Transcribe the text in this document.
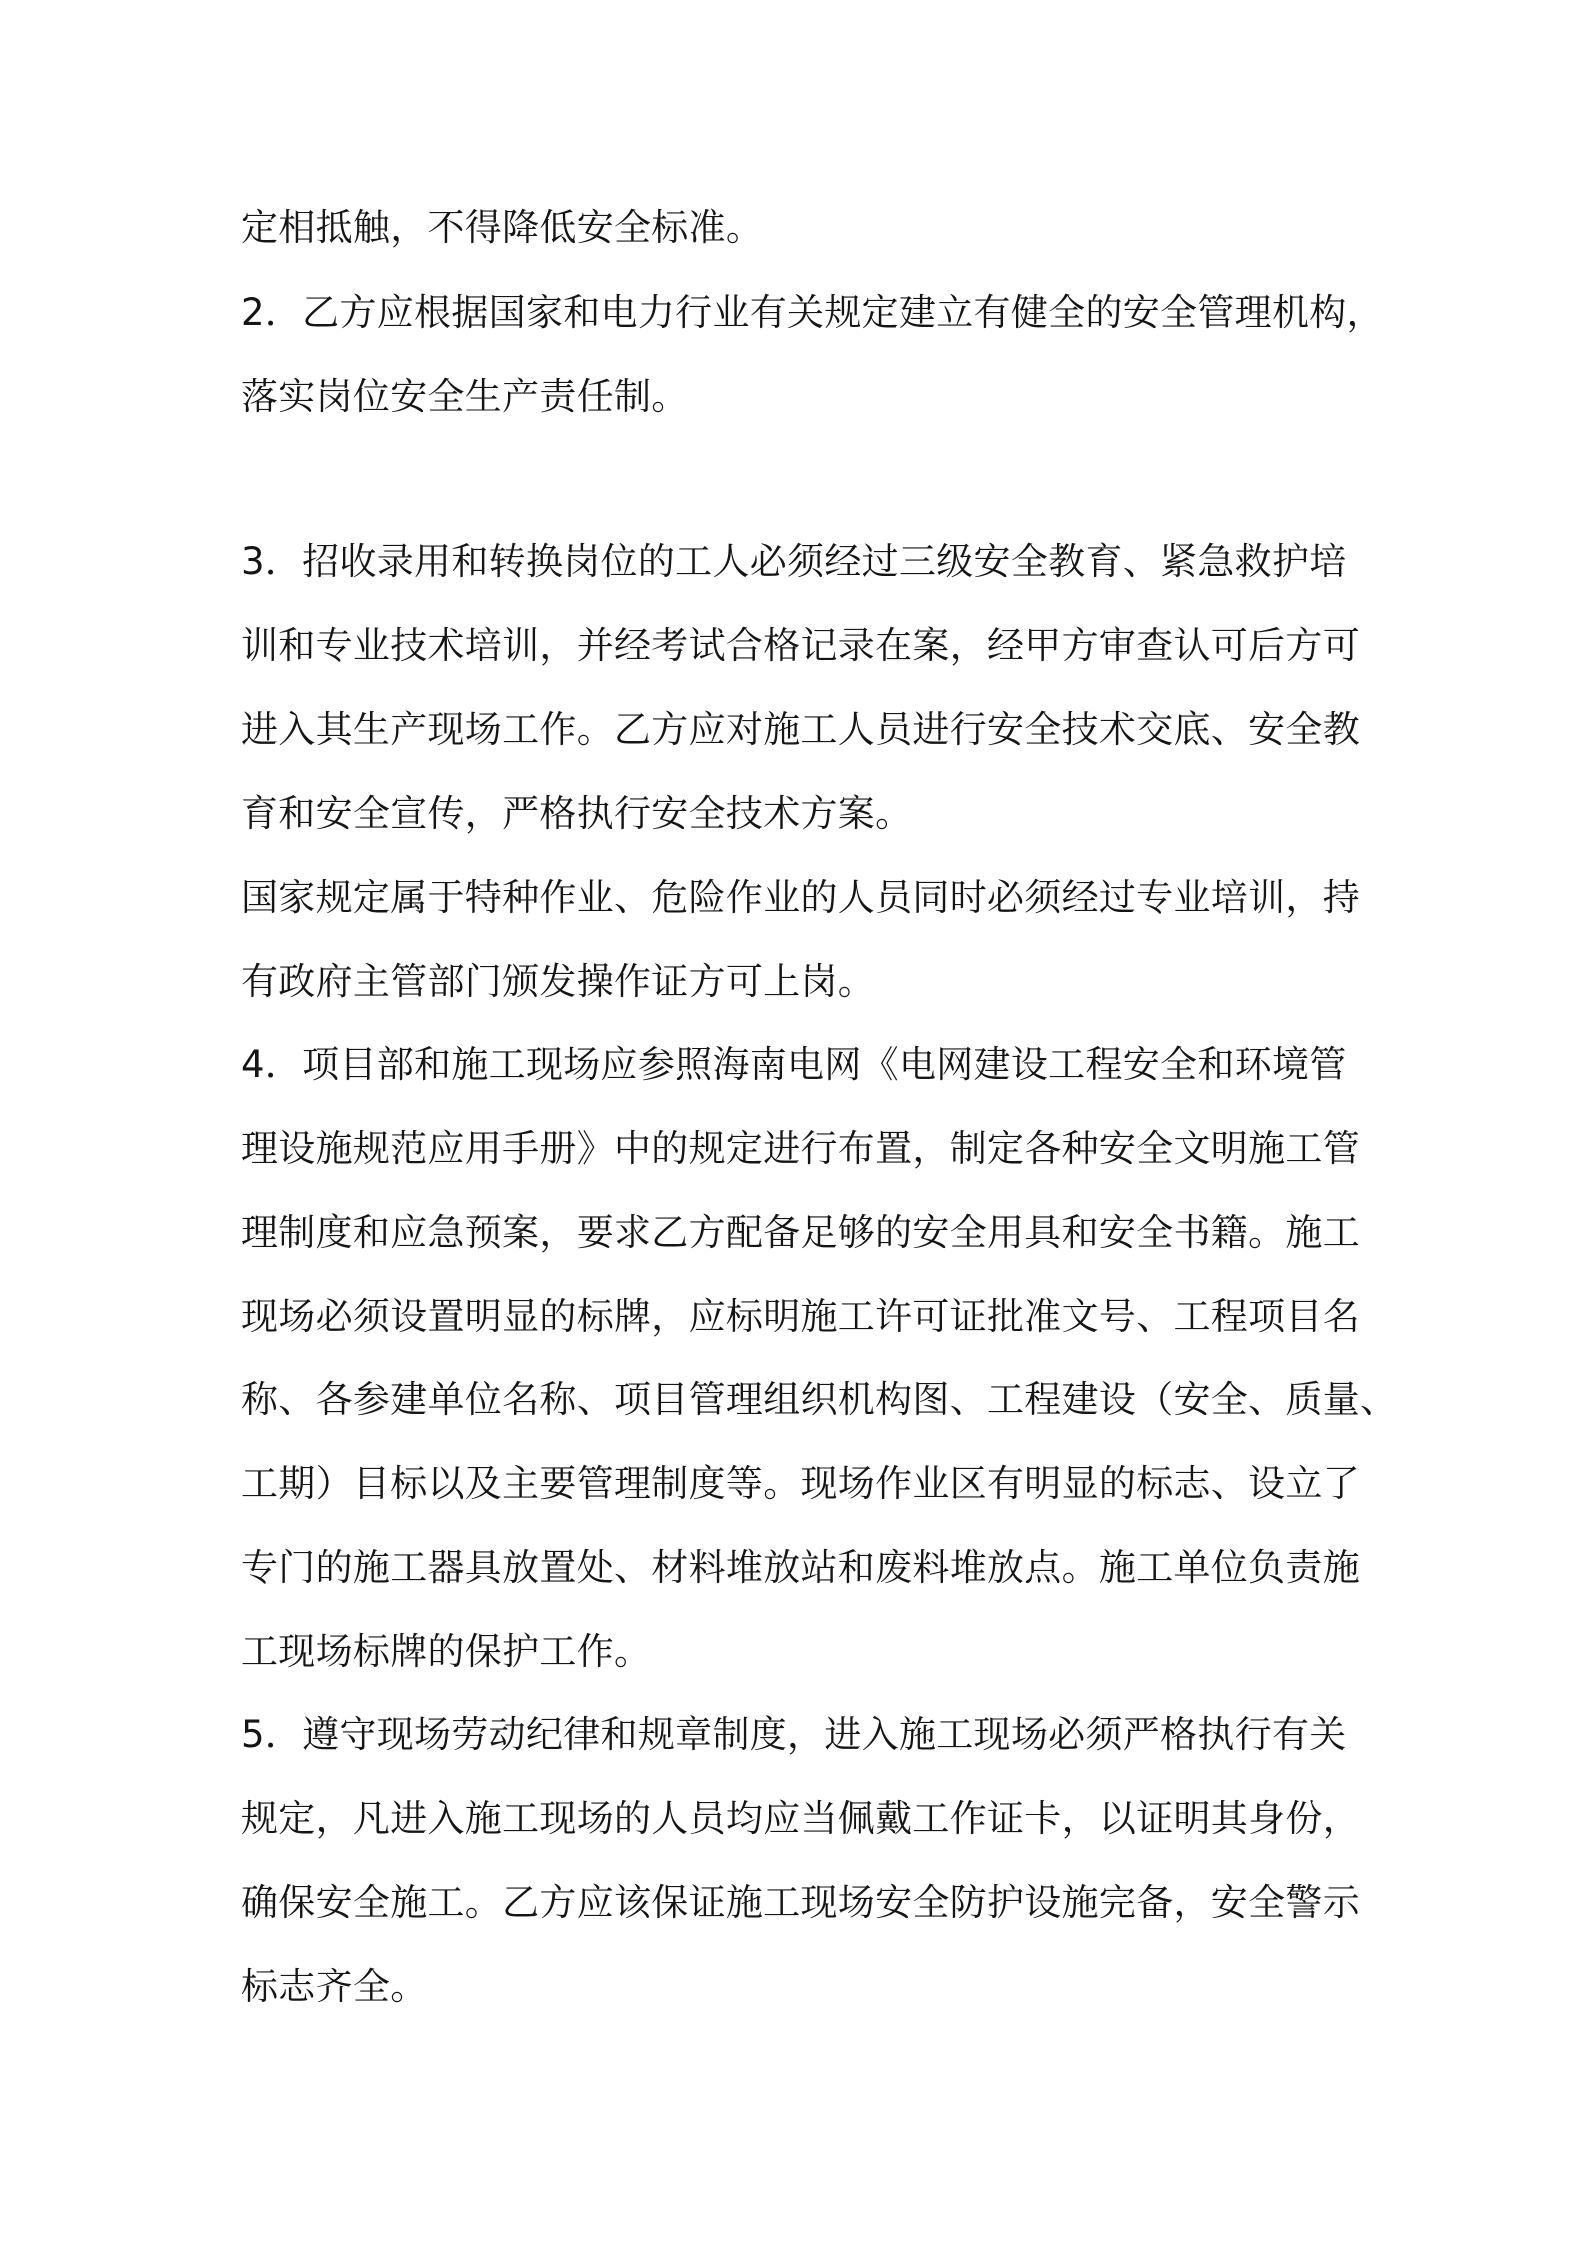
定相抵触，不得降低安全标准。

2．乙方应根据国家和电力行业有关规定建立有健全的安全管理机构，

落实岗位安全生产责任制。

3．招收录用和转换岗位的工人必须经过三级安全教育、紧急救护培

训和专业技术培训，并经考试合格记录在案，经甲方审查认可后方可

进入其生产现场工作。乙方应对施工人员进行安全技术交底、安全教

育和安全宣传，严格执行安全技术方案。

国家规定属于特种作业、危险作业的人员同时必须经过专业培训，持

有政府主管部门颁发操作证方可上岗。

4．项目部和施工现场应参照海南电网《电网建设工程安全和环境管

理设施规范应用手册》中的规定进行布置，制定各种安全文明施工管

理制度和应急预案，要求乙方配备足够的安全用具和安全书籍。施工

现场必须设置明显的标牌，应标明施工许可证批准文号、工程项目名

称、各参建单位名称、项目管理组织机构图、工程建设（安全、质量、

工期）目标以及主要管理制度等。现场作业区有明显的标志、设立了

专门的施工器具放置处、材料堆放站和废料堆放点。施工单位负责施

工现场标牌的保护工作。

5．遵守现场劳动纪律和规章制度，进入施工现场必须严格执行有关

规定，凡进入施工现场的人员均应当佩戴工作证卡，以证明其身份，

确保安全施工。乙方应该保证施工现场安全防护设施完备，安全警示

标志齐全。
